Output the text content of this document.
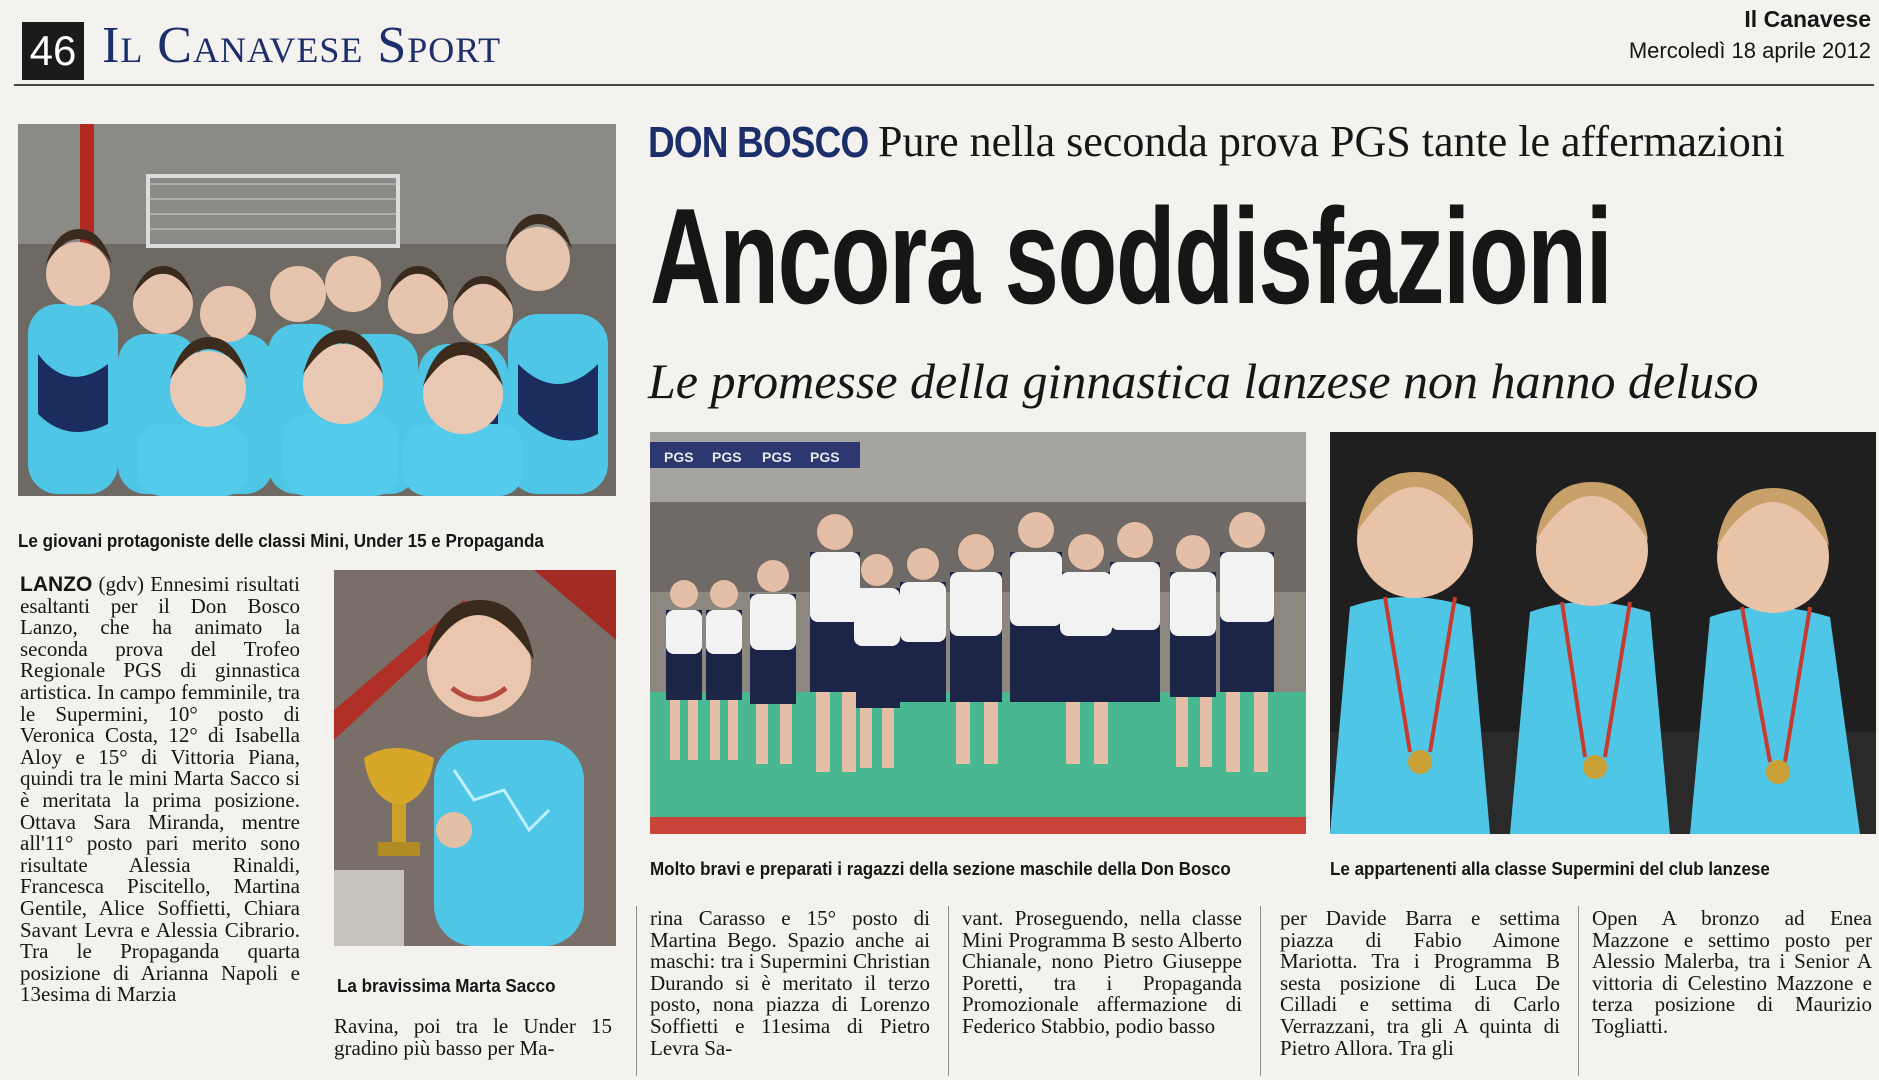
46 Il Canavese Sport	Il Canavese
Mercoledì 18 aprile 2012
DON BOSCO Pure nella seconda prova PGS tante le affermazioni
Ancora soddisfazioni
Le promesse della ginnastica lanzese non hanno deluso
Le giovani protagoniste delle classi Mini, Under 15 e Propaganda
La bravissima Marta Sacco
PGS PGS PGS PGS
Molto bravi e preparati i ragazzi della sezione maschile della Don Bosco	Le appartenenti alla classe Supermini del club lanzese

LANZO (gdv) Ennesimi risultati esaltanti per il Don Bosco Lanzo, che ha animato la seconda prova del Trofeo Regionale PGS di ginnastica artistica. In campo femminile, tra le Supermini, 10° posto di Veronica Costa, 12° di Isabella Aloy e 15° di Vittoria Piana, quindi tra le mini Marta Sacco si è meritata la prima posizione. Ottava Sara Miranda, mentre all'11° posto pari merito sono risultate Alessia Rinaldi, Francesca Piscitello, Martina Gentile, Alice Soffietti, Chiara Savant Levra e Alessia Cibrario. Tra le Propaganda quarta posizione di Arianna Napoli e 13esima di Marzia

Ravina, poi tra le Under 15 gradino più basso per Ma-

rina Carasso e 15° posto di Martina Bego. Spazio anche ai maschi: tra i Supermini Christian Durando si è meritato il terzo posto, nona piazza di Lorenzo Soffietti e 11esima di Pietro Levra Sa-

vant. Proseguendo, nella classe Mini Programma B sesto Alberto Chianale, nono Pietro Giuseppe Poretti, tra i Propaganda Promozionale affermazione di Federico Stabbio, podio basso

per Davide Barra e settima piazza di Fabio Aimone Mariotta. Tra i Programma B sesta posizione di Luca De Cilladi e settima di Carlo Verrazzani, tra gli A quinta di Pietro Allora. Tra gli

Open A bronzo ad Enea Mazzone e settimo posto per Alessio Malerba, tra i Senior A vittoria di Celestino Mazzone e terza posizione di Maurizio Togliatti.
